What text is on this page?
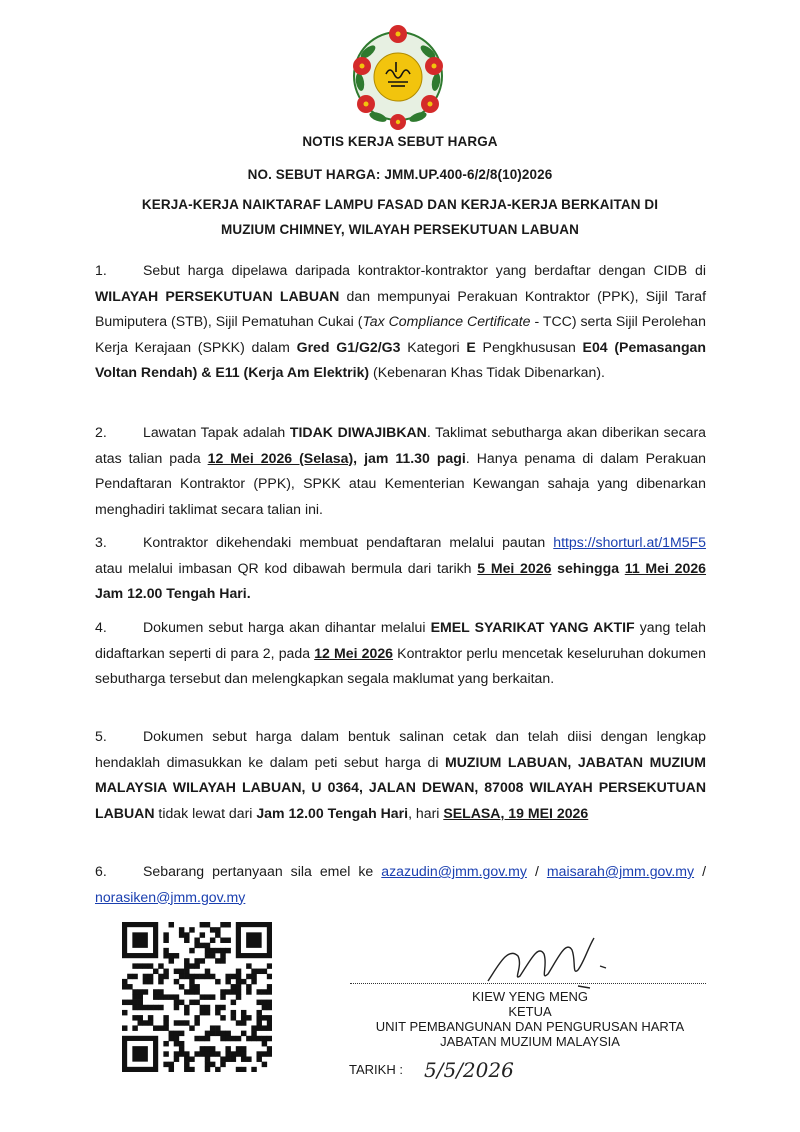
NOTIS KERJA SEBUT HARGA
NO. SEBUT HARGA: JMM.UP.400-6/2/8(10)2026
KERJA-KERJA NAIKTARAF LAMPU FASAD DAN KERJA-KERJA BERKAITAN DI
MUZIUM CHIMNEY, WILAYAH PERSEKUTUAN LABUAN
1.	Sebut harga dipelawa daripada kontraktor-kontraktor yang berdaftar dengan CIDB di WILAYAH PERSEKUTUAN LABUAN dan mempunyai Perakuan Kontraktor (PPK), Sijil Taraf Bumiputera (STB), Sijil Pematuhan Cukai (Tax Compliance Certificate - TCC) serta Sijil Perolehan Kerja Kerajaan (SPKK) dalam Gred G1/G2/G3 Kategori E Pengkhususan E04 (Pemasangan Voltan Rendah) & E11 (Kerja Am Elektrik) (Kebenaran Khas Tidak Dibenarkan).
2.	Lawatan Tapak adalah TIDAK DIWAJIBKAN. Taklimat sebutharga akan diberikan secara atas talian pada 12 Mei 2026 (Selasa), jam 11.30 pagi. Hanya penama di dalam Perakuan Pendaftaran Kontraktor (PPK), SPKK atau Kementerian Kewangan sahaja yang dibenarkan menghadiri taklimat secara talian ini.
3.	Kontraktor dikehendaki membuat pendaftaran melalui pautan https://shorturl.at/1M5F5 atau melalui imbasan QR kod dibawah bermula dari tarikh 5 Mei 2026 sehingga 11 Mei 2026 Jam 12.00 Tengah Hari.
4.	Dokumen sebut harga akan dihantar melalui EMEL SYARIKAT YANG AKTIF yang telah didaftarkan seperti di para 2, pada 12 Mei 2026 Kontraktor perlu mencetak keseluruhan dokumen sebutharga tersebut dan melengkapkan segala maklumat yang berkaitan.
5.	Dokumen sebut harga dalam bentuk salinan cetak dan telah diisi dengan lengkap hendaklah dimasukkan ke dalam peti sebut harga di MUZIUM LABUAN, JABATAN MUZIUM MALAYSIA WILAYAH LABUAN, U 0364, JALAN DEWAN, 87008 WILAYAH PERSEKUTUAN LABUAN tidak lewat dari Jam 12.00 Tengah Hari, hari SELASA, 19 MEI 2026
6.	Sebarang pertanyaan sila emel ke azazudin@jmm.gov.my / maisarah@jmm.gov.my / norasiken@jmm.gov.my
KIEW YENG MENG
KETUA
UNIT PEMBANGUNAN DAN PENGURUSAN HARTA
JABATAN MUZIUM MALAYSIA
TARIKH : 5/5/2026
